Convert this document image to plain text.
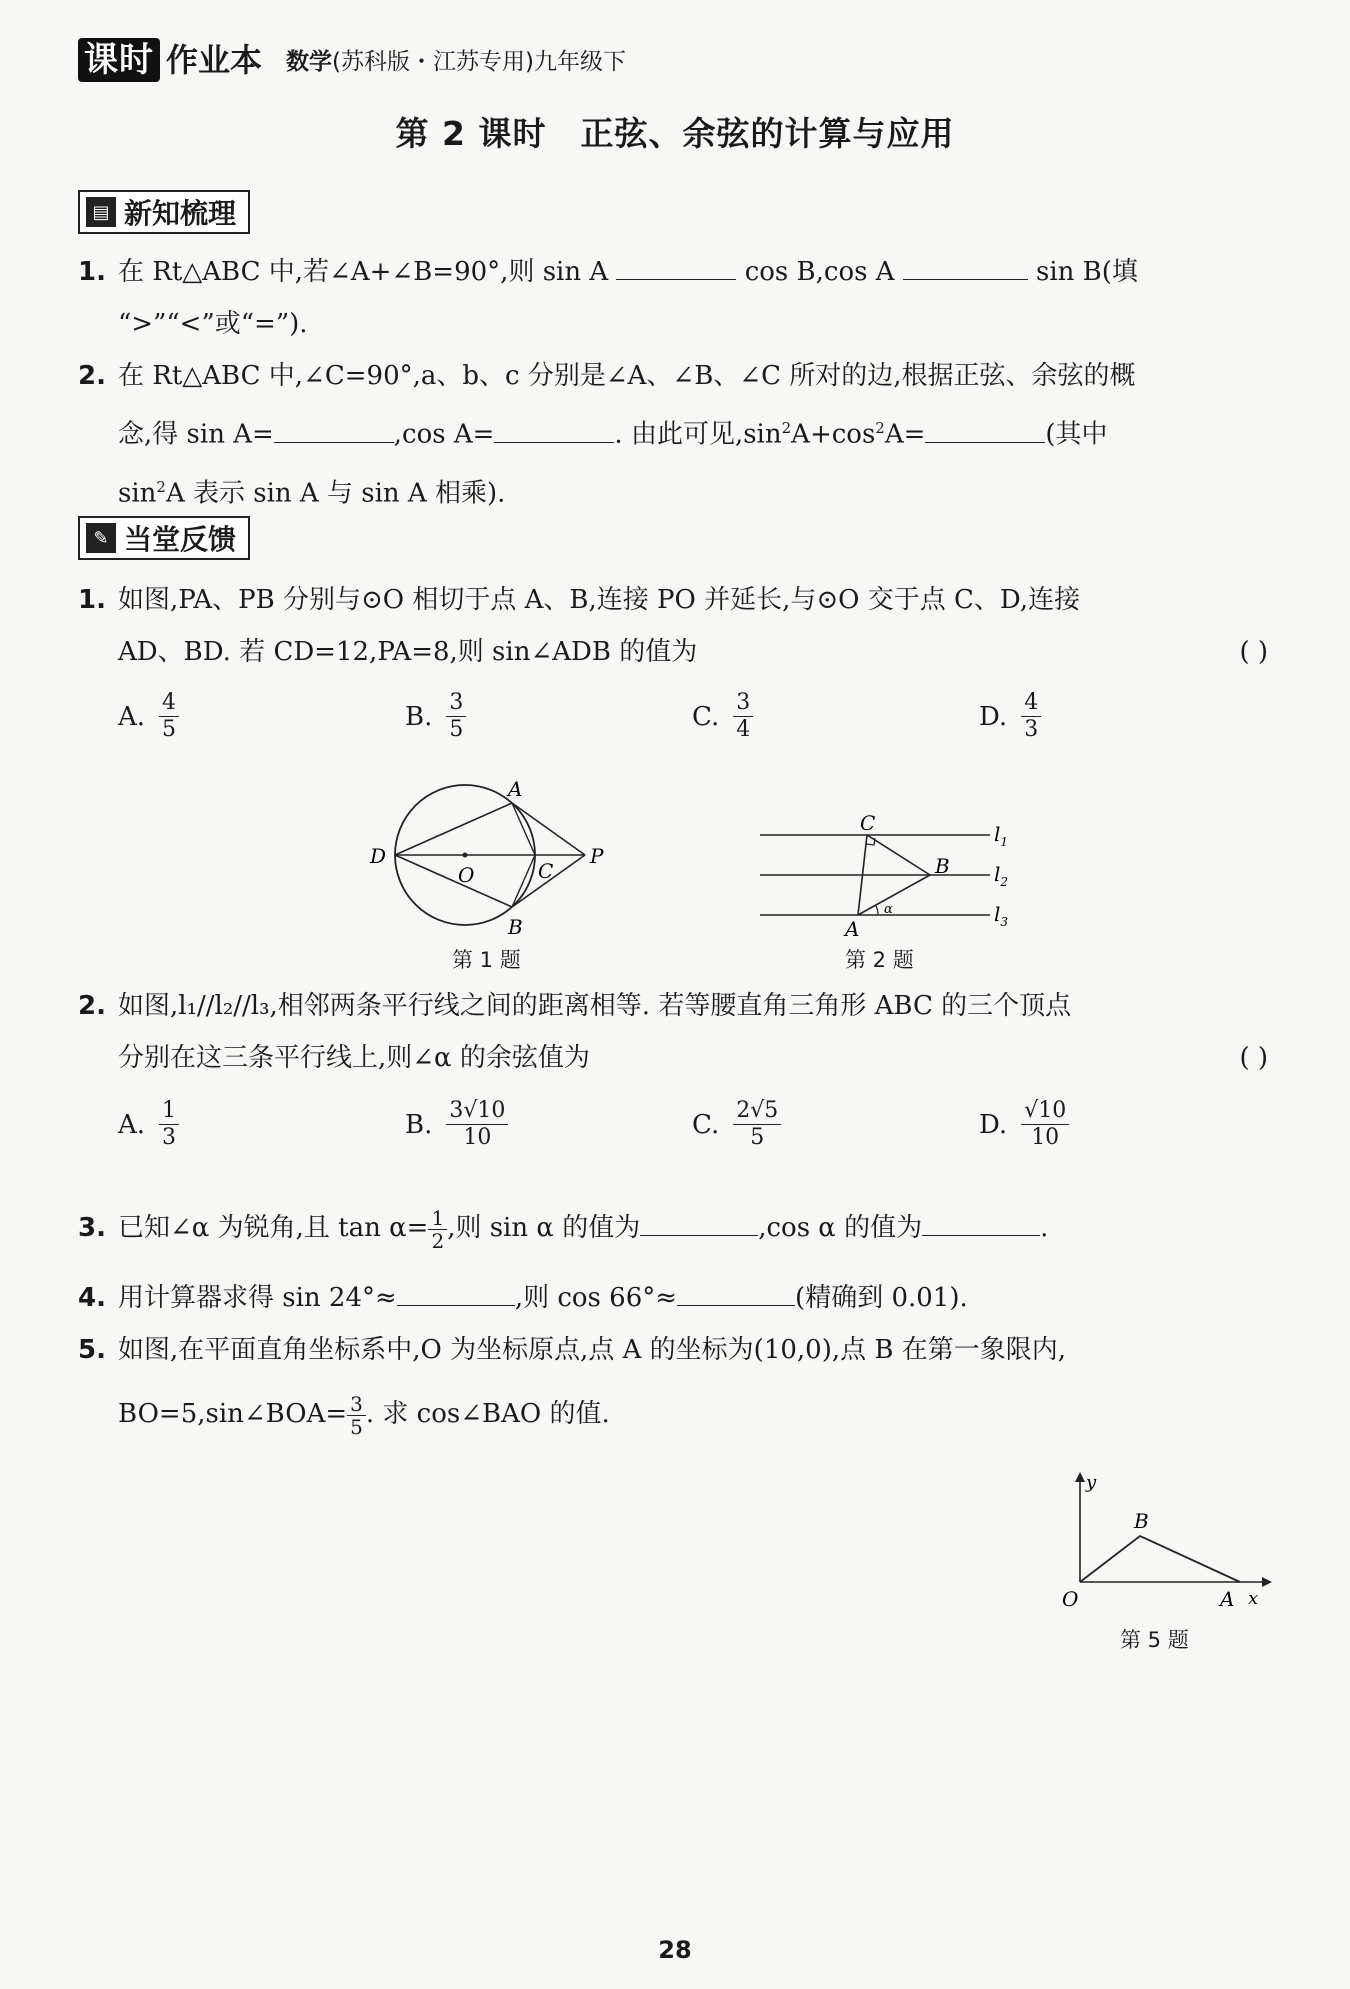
课时 作业本 数学(苏科版・江苏专用)九年级下
第 2 课时 正弦、余弦的计算与应用
▤ 新知梳理
1. 在 Rt△ABC 中,若∠A+∠B=90°,则 sin A	cos B,cos A	sin B(填
“>”“<”或“=”).
2. 在 Rt△ABC 中,∠C=90°,a、b、c 分别是∠A、∠B、∠C 所对的边,根据正弦、余弦的概
念,得 sin A=	,cos A=	. 由此可见$,\sin^2A+\cos^2A=$	(其中
$\sin^2A$ 表示 sin A 与 sin A 相乘).
✎ 当堂反馈
1. 如图,PA、PB 分别与⊙O 相切于点 A、B,连接 PO 并延长,与⊙O 交于点 C、D,连接
AD、BD. 若 CD=12,PA=8,则 sin∠ADB 的值为	( )
A. $\frac{4}{5}$	B. $\frac{3}{5}$	C. $\frac{3}{4}$	D. $\frac{4}{3}$
A
B
C
D
O
P
第 1 题
C
B
A
α
$l_1$
$l_2$
$l_3$
第 2 题
2. 如图,l₁//l₂//l₃,相邻两条平行线之间的距离相等. 若等腰直角三角形 ABC 的三个顶点
分别在这三条平行线上,则∠α 的余弦值为	( )
A. $\frac{1}{3}$	B. $\frac{3√10}{10}$	C. $\frac{2√5}{5}$	D. $\frac{√10}{10}$
3. 已知∠α 为锐角,且 $\tan \alpha= \frac{1}{2}$ ,则 sin α 的值为	,cos α 的值为	.
4. 用计算器求得 sin 24°≈	,则 cos 66°≈	(精确到 0.01).
5. 如图,在平面直角坐标系中,O 为坐标原点,点 A 的坐标为(10,0),点 B 在第一象限内,
BO=5,sin∠BOA= $\frac{3}{5}$ . 求 cos∠BAO 的值.
y
B
O	A x
第 5 题
28
